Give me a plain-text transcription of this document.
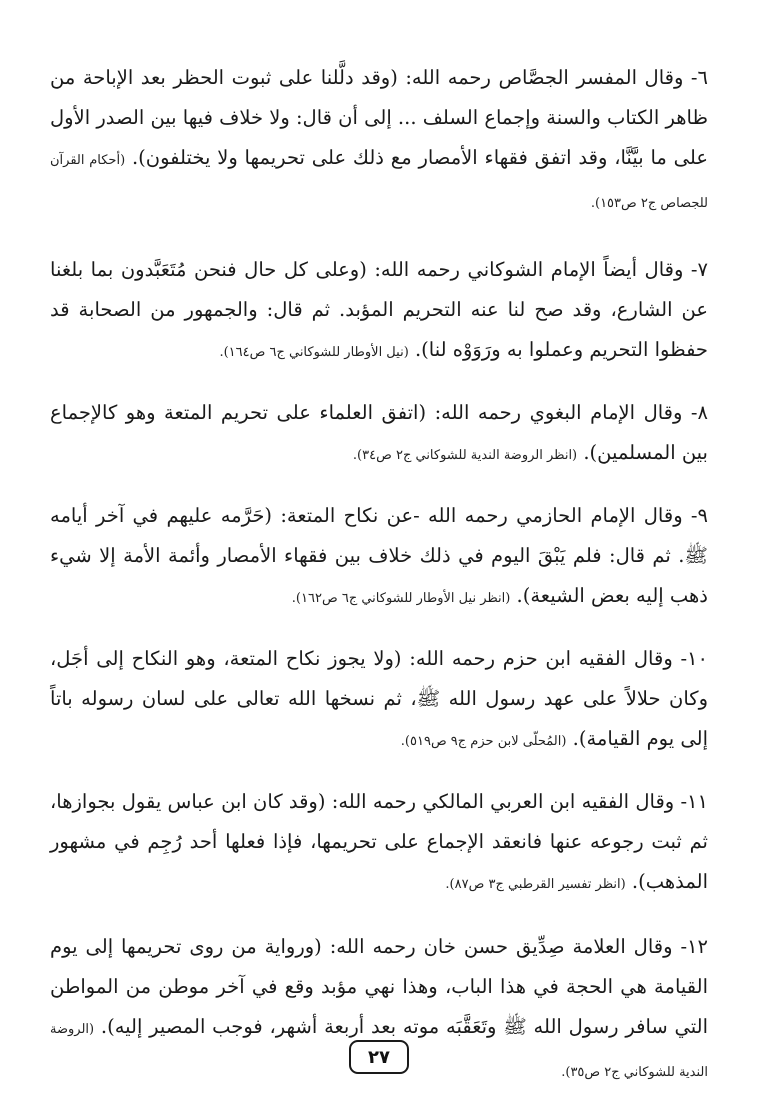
٦- وقال المفسر الجصَّاص رحمه الله: (وقد دلَّلنا على ثبوت الحظر بعد الإباحة من ظاهر الكتاب والسنة وإجماع السلف ... إلى أن قال: ولا خلاف فيها بين الصدر الأول على ما بيَّنَّا، وقد اتفق فقهاء الأمصار مع ذلك على تحريمها ولا يختلفون). (أحكام القرآن للجصاص ج٢ ص١٥٣).

٧- وقال أيضاً الإمام الشوكاني رحمه الله: (وعلى كل حال فنحن مُتَعَبَّدون بما بلغنا عن الشارع، وقد صح لنا عنه التحريم المؤبد. ثم قال: والجمهور من الصحابة قد حفظوا التحريم وعملوا به ورَوَوْه لنا). (نيل الأوطار للشوكاني ج٦ ص١٦٤).

٨- وقال الإمام البغوي رحمه الله: (اتفق العلماء على تحريم المتعة وهو كالإجماع بين المسلمين). (انظر الروضة الندية للشوكاني ج٢ ص٣٤).

٩- وقال الإمام الحازمي رحمه الله -عن نكاح المتعة: (حَرَّمه عليهم في آخر أيامه ﷺ. ثم قال: فلم يَبْقَ اليوم في ذلك خلاف بين فقهاء الأمصار وأئمة الأمة إلا شيء ذهب إليه بعض الشيعة). (انظر نيل الأوطار للشوكاني ج٦ ص١٦٢).

١٠- وقال الفقيه ابن حزم رحمه الله: (ولا يجوز نكاح المتعة، وهو النكاح إلى أجَل، وكان حلالاً على عهد رسول الله ﷺ، ثم نسخها الله تعالى على لسان رسوله باتاً إلى يوم القيامة). (المُحلّى لابن حزم ج٩ ص٥١٩).

١١- وقال الفقيه ابن العربي المالكي رحمه الله: (وقد كان ابن عباس يقول بجوازها، ثم ثبت رجوعه عنها فانعقد الإجماع على تحريمها، فإذا فعلها أحد رُجِم في مشهور المذهب). (انظر تفسير القرطبي ج٣ ص٨٧).

١٢- وقال العلامة صِدِّيق حسن خان رحمه الله: (ورواية من روى تحريمها إلى يوم القيامة هي الحجة في هذا الباب، وهذا نهي مؤبد وقع في آخر موطن من المواطن التي سافر رسول الله ﷺ وتَعَقَّبَه موته بعد أربعة أشهر، فوجب المصير إليه). (الروضة الندية للشوكاني ج٢ ص٣٥).

٢٧
